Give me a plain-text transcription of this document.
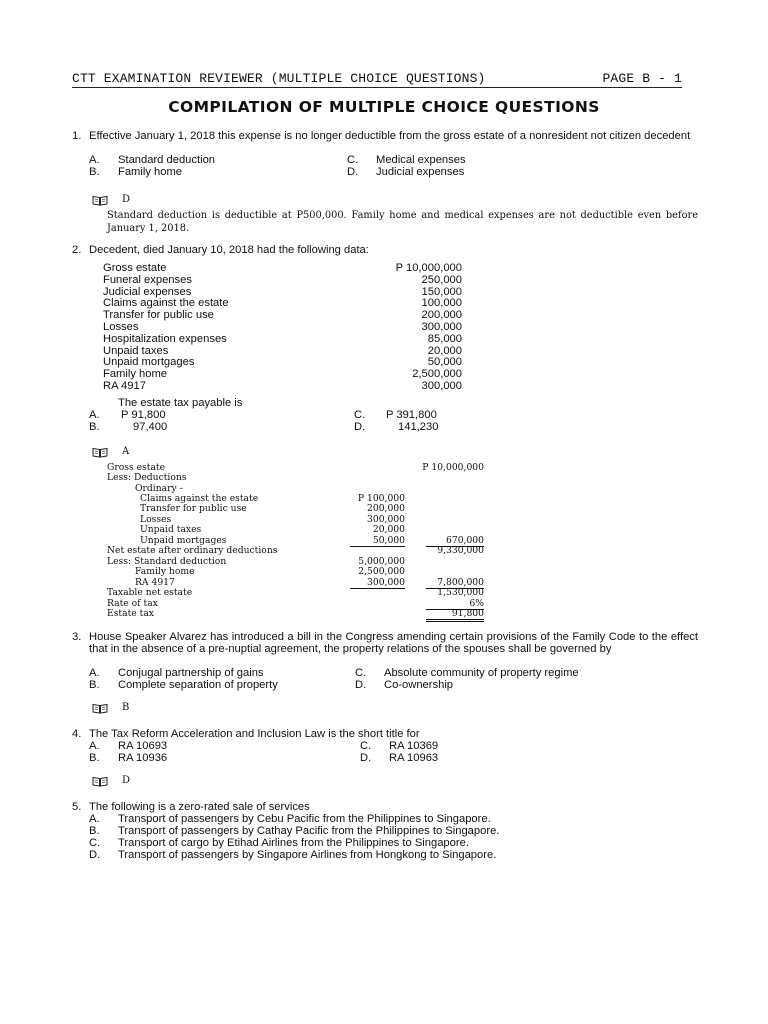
CTT EXAMINATION REVIEWER (MULTIPLE CHOICE QUESTIONS)	PAGE B - 1
COMPILATION OF MULTIPLE CHOICE QUESTIONS
1. Effective January 1, 2018 this expense is no longer deductible from the gross estate of a nonresident not citizen decedent
A. Standard deduction
B. Family home
C. Medical expenses
D. Judicial expenses
D
Standard deduction is deductible at P500,000. Family home and medical expenses are not deductible even before January 1, 2018.
2. Decedent, died January 10, 2018 had the following data:
Gross estate	P 10,000,000
Funeral expenses	250,000
Judicial expenses	150,000
Claims against the estate	100,000
Transfer for public use	200,000
Losses	300,000
Hospitalization expenses	85,000
Unpaid taxes	20,000
Unpaid mortgages	50,000
Family home	2,500,000
RA 4917	300,000
The estate tax payable is
A. P 91,800
B.	97,400
C. P 391,800
D.	141,230
A
Gross estate	P 10,000,000
Less: Deductions
Ordinary -
Claims against the estate	P 100,000
Transfer for public use	200,000
Losses	300,000
Unpaid taxes	20,000
Unpaid mortgages	50,000	670,000
Net estate after ordinary deductions	9,330,000
Less: Standard deduction	5,000,000
Family home	2,500,000
RA 4917	300,000	7,800,000
Taxable net estate	1,530,000
Rate of tax	6%
Estate tax	91,800
3. House Speaker Alvarez has introduced a bill in the Congress amending certain provisions of the Family Code to the effect that in the absence of a pre-nuptial agreement, the property relations of the spouses shall be governed by
A. Conjugal partnership of gains
B. Complete separation of property
C. Absolute community of property regime
D. Co-ownership
B
4. The Tax Reform Acceleration and Inclusion Law is the short title for
A. RA 10693
B. RA 10936
C. RA 10369
D. RA 10963
D
5. The following is a zero-rated sale of services
A. Transport of passengers by Cebu Pacific from the Philippines to Singapore.
B. Transport of passengers by Cathay Pacific from the Philippines to Singapore.
C. Transport of cargo by Etihad Airlines from the Philippines to Singapore.
D. Transport of passengers by Singapore Airlines from Hongkong to Singapore.
